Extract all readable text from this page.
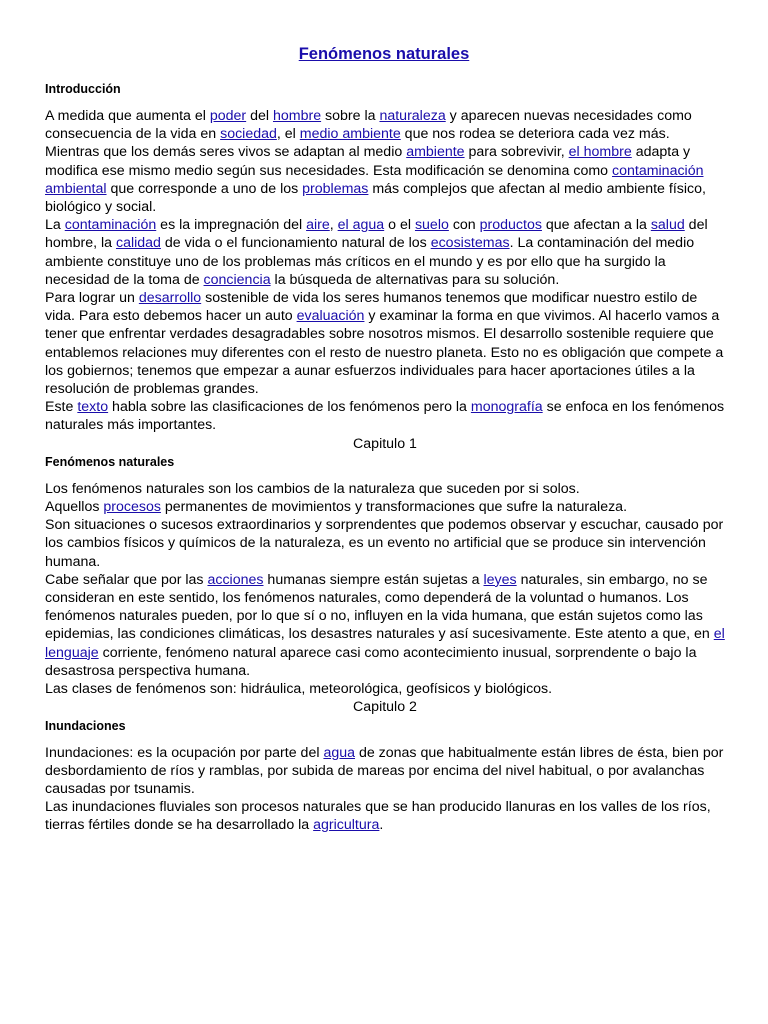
Fenómenos naturales
Introducción

A medida que aumenta el poder del hombre sobre la naturaleza y aparecen nuevas necesidades como consecuencia de la vida en sociedad, el medio ambiente que nos rodea se deteriora cada vez más. Mientras que los demás seres vivos se adaptan al medio ambiente para sobrevivir, el hombre adapta y modifica ese mismo medio según sus necesidades. Esta modificación se denomina como contaminación ambiental que corresponde a uno de los problemas más complejos que afectan al medio ambiente físico, biológico y social.

La contaminación es la impregnación del aire, el agua o el suelo con productos que afectan a la salud del hombre, la calidad de vida o el funcionamiento natural de los ecosistemas. La contaminación del medio ambiente constituye uno de los problemas más críticos en el mundo y es por ello que ha surgido la necesidad de la toma de conciencia la búsqueda de alternativas para su solución.

Para lograr un desarrollo sostenible de vida los seres humanos tenemos que modificar nuestro estilo de vida. Para esto debemos hacer un auto evaluación y examinar la forma en que vivimos. Al hacerlo vamos a tener que enfrentar verdades desagradables sobre nosotros mismos. El desarrollo sostenible requiere que entablemos relaciones muy diferentes con el resto de nuestro planeta. Esto no es obligación que compete a los gobiernos; tenemos que empezar a aunar esfuerzos individuales para hacer aportaciones útiles a la resolución de problemas grandes.

Este texto habla sobre las clasificaciones de los fenómenos pero la monografía se enfoca en los fenómenos naturales más importantes.

Capitulo 1

Fenómenos naturales

Los fenómenos naturales son los cambios de la naturaleza que suceden por si solos.

Aquellos procesos permanentes de movimientos y transformaciones que sufre la naturaleza.

Son situaciones o sucesos extraordinarios y sorprendentes que podemos observar y escuchar, causado por los cambios físicos y químicos de la naturaleza, es un evento no artificial que se produce sin intervención humana.

Cabe señalar que por las acciones humanas siempre están sujetas a leyes naturales, sin embargo, no se consideran en este sentido, los fenómenos naturales, como dependerá de la voluntad o humanos. Los fenómenos naturales pueden, por lo que sí o no, influyen en la vida humana, que están sujetos como las epidemias, las condiciones climáticas, los desastres naturales y así sucesivamente. Este atento a que, en el lenguaje corriente, fenómeno natural aparece casi como acontecimiento inusual, sorprendente o bajo la desastrosa perspectiva humana.

Las clases de fenómenos son: hidráulica, meteorológica, geofísicos y biológicos.

Capitulo 2

Inundaciones

Inundaciones: es la ocupación por parte del agua de zonas que habitualmente están libres de ésta, bien por desbordamiento de ríos y ramblas, por subida de mareas por encima del nivel habitual, o por avalanchas causadas por tsunamis.

Las inundaciones fluviales son procesos naturales que se han producido llanuras en los valles de los ríos, tierras fértiles donde se ha desarrollado la agricultura.
